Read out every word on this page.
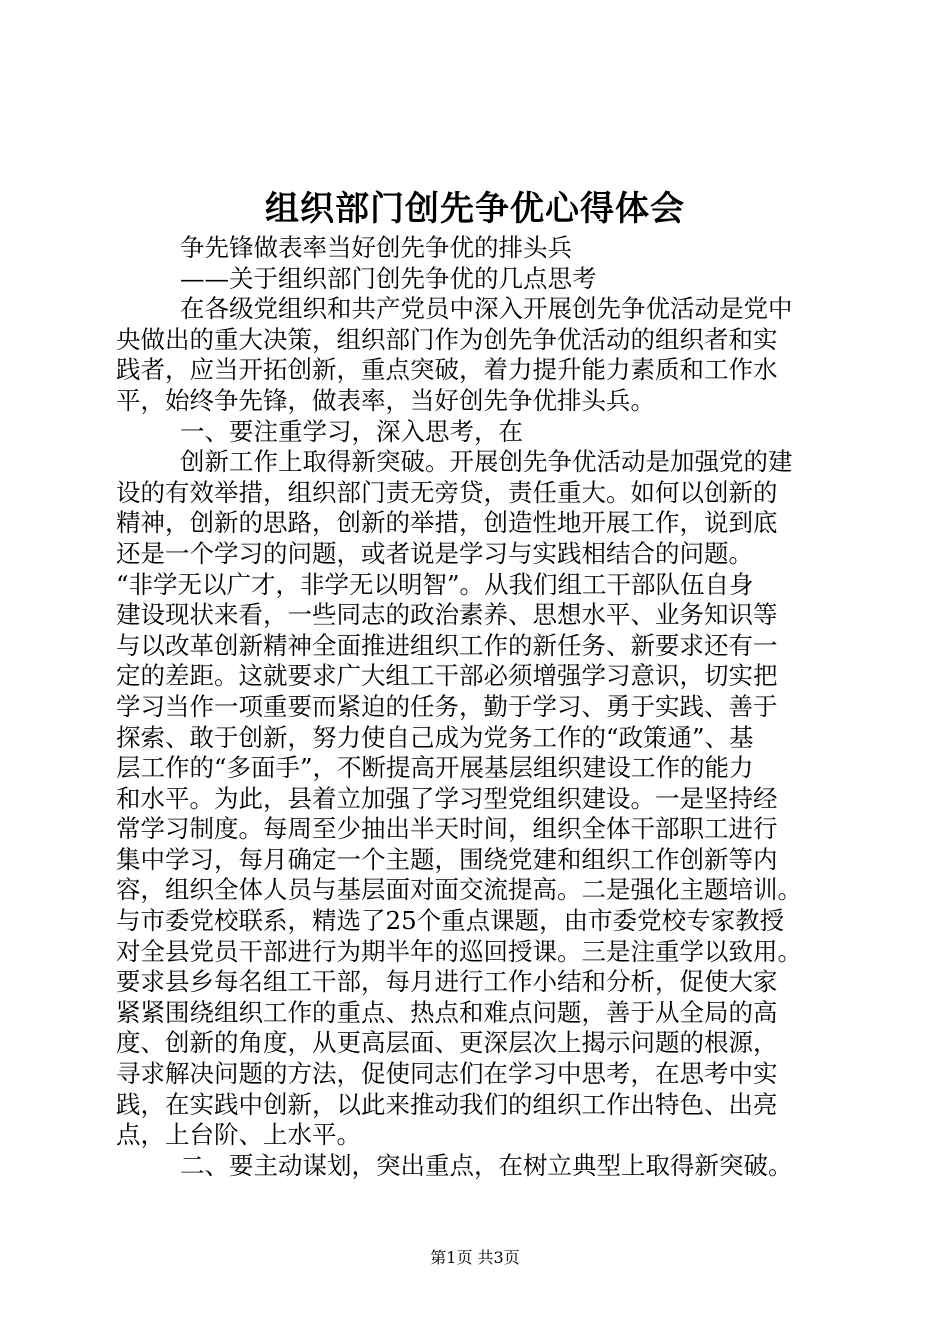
组织部门创先争优心得体会
争先锋做表率当好创先争优的排头兵
——关于组织部门创先争优的几点思考
在各级党组织和共产党员中深入开展创先争优活动是党中
央做出的重大决策，组织部门作为创先争优活动的组织者和实
践者，应当开拓创新，重点突破，着力提升能力素质和工作水
平，始终争先锋，做表率，当好创先争优排头兵。
一、要注重学习，深入思考，在
创新工作上取得新突破。开展创先争优活动是加强党的建
设的有效举措，组织部门责无旁贷，责任重大。如何以创新的
精神，创新的思路，创新的举措，创造性地开展工作，说到底
还是一个学习的问题，或者说是学习与实践相结合的问题。
“非学无以广才，非学无以明智”。从我们组工干部队伍自身
建设现状来看，一些同志的政治素养、思想水平、业务知识等
与以改革创新精神全面推进组织工作的新任务、新要求还有一
定的差距。这就要求广大组工干部必须增强学习意识，切实把
学习当作一项重要而紧迫的任务，勤于学习、勇于实践、善于
探索、敢于创新，努力使自己成为党务工作的“政策通”、基
层工作的“多面手”，不断提高开展基层组织建设工作的能力
和水平。为此，县着立加强了学习型党组织建设。一是坚持经
常学习制度。每周至少抽出半天时间，组织全体干部职工进行
集中学习，每月确定一个主题，围绕党建和组织工作创新等内
容，组织全体人员与基层面对面交流提高。二是强化主题培训。
与市委党校联系，精选了25个重点课题，由市委党校专家教授
对全县党员干部进行为期半年的巡回授课。三是注重学以致用。
要求县乡每名组工干部，每月进行工作小结和分析，促使大家
紧紧围绕组织工作的重点、热点和难点问题，善于从全局的高
度、创新的角度，从更高层面、更深层次上揭示问题的根源，
寻求解决问题的方法，促使同志们在学习中思考，在思考中实
践，在实践中创新，以此来推动我们的组织工作出特色、出亮
点，上台阶、上水平。
二、要主动谋划，突出重点，在树立典型上取得新突破。
第1页 共3页
